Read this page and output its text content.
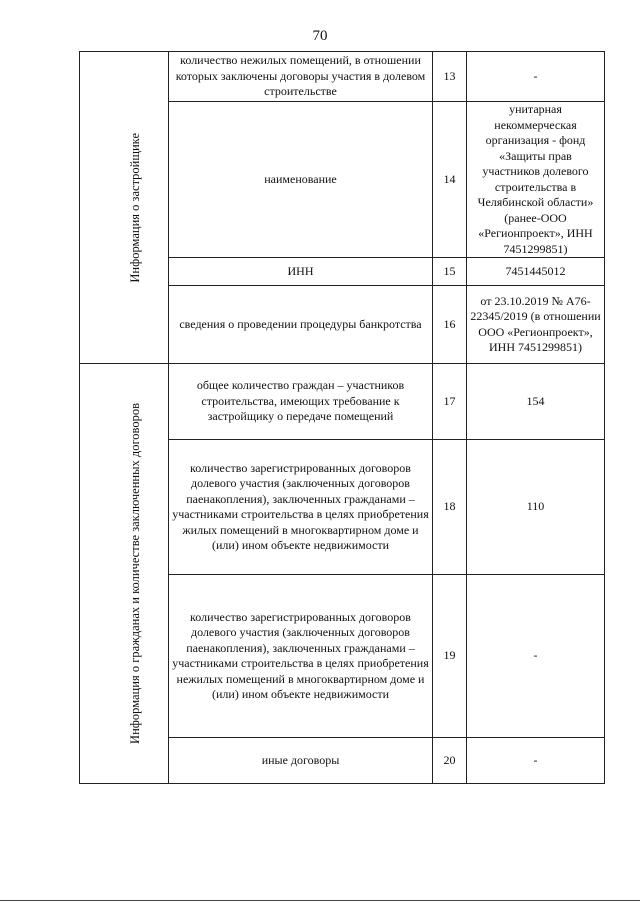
70

	Информация о застройщике	количество нежилых помещений, в отношении которых заключены договоры участия в долевом строительстве	13	-
		наименование	14	унитарная некоммерческая организация - фонд «Защиты прав участников долевого строительства в Челябинской области» (ранее-ООО «Регионпроект», ИНН 7451299851)
		ИНН	15	7451445012
		сведения о проведении процедуры банкротства	16	от 23.10.2019 № А76-22345/2019 (в отношении ООО «Регионпроект», ИНН 7451299851)

	Информация о гражданах и количестве заключенных договоров	общее количество граждан – участников строительства, имеющих требование к застройщику о передаче помещений	17	154
		количество зарегистрированных договоров долевого участия (заключенных договоров паенакопления), заключенных гражданами – участниками строительства в целях приобретения жилых помещений в многоквартирном доме и (или) ином объекте недвижимости	18	110
		количество зарегистрированных договоров долевого участия (заключенных договоров паенакопления), заключенных гражданами – участниками строительства в целях приобретения нежилых помещений в многоквартирном доме и (или) ином объекте недвижимости	19	-
		иные договоры	20	-
